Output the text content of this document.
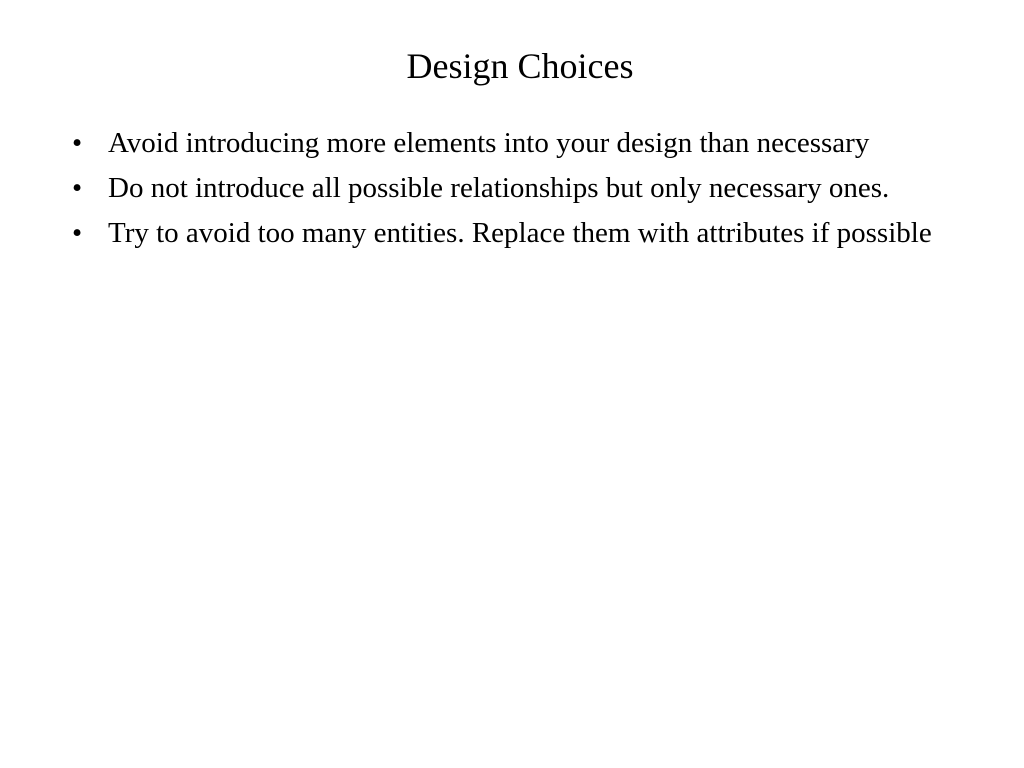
Design Choices
• Avoid introducing more elements into your design than necessary
• Do not introduce all possible relationships but only necessary ones.
• Try to avoid too many entities. Replace them with attributes if possible
